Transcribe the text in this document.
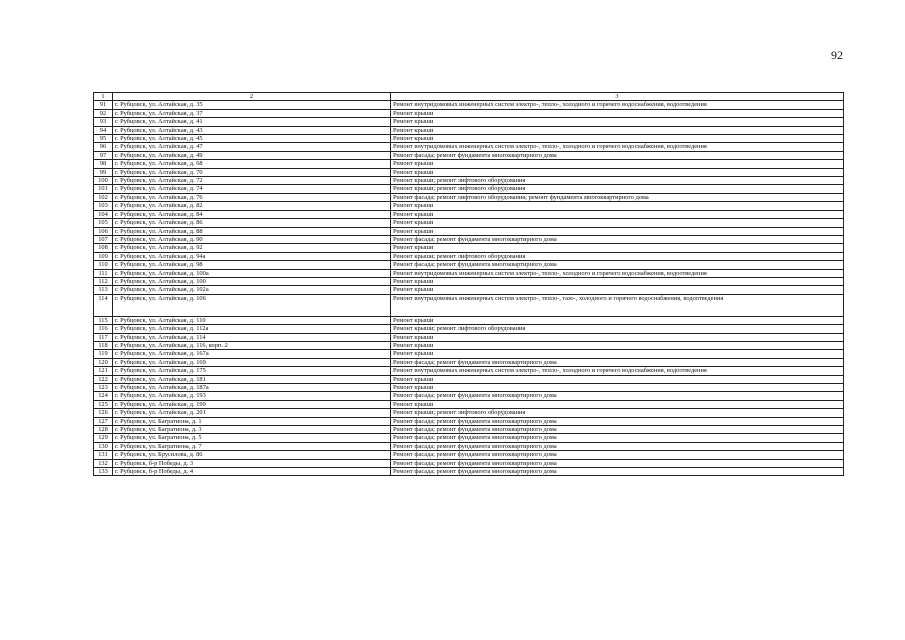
92
1	2	3
91	г. Рубцовск, ул. Алтайская, д. 35	Ремонт внутридомовых инженерных систем электро-, тепло-, холодного и горячего водоснабжения, водоотведения
92	г. Рубцовск, ул. Алтайская, д. 37	Ремонт крыши
93	г. Рубцовск, ул. Алтайская, д. 41	Ремонт крыши
94	г. Рубцовск, ул. Алтайская, д. 43	Ремонт крыши
95	г. Рубцовск, ул. Алтайская, д. 45	Ремонт крыши
96	г. Рубцовск, ул. Алтайская, д. 47	Ремонт внутридомовых инженерных систем электро-, тепло-, холодного и горячего водоснабжения, водоотведения
97	г. Рубцовск, ул. Алтайская, д. 49	Ремонт фасада; ремонт фундамента многоквартирного дома
98	г. Рубцовск, ул. Алтайская, д. 68	Ремонт крыши
99	г. Рубцовск, ул. Алтайская, д. 70	Ремонт крыши
100	г. Рубцовск, ул. Алтайская, д. 72	Ремонт крыши; ремонт лифтового оборудования
101	г. Рубцовск, ул. Алтайская, д. 74	Ремонт крыши; ремонт лифтового оборудования
102	г. Рубцовск, ул. Алтайская, д. 76	Ремонт фасада; ремонт лифтового оборудования; ремонт фундамента многоквартирного дома
103	г. Рубцовск, ул. Алтайская, д. 82	Ремонт крыши
104	г. Рубцовск, ул. Алтайская, д. 84	Ремонт крыши
105	г. Рубцовск, ул. Алтайская, д. 86	Ремонт крыши
106	г. Рубцовск, ул. Алтайская, д. 88	Ремонт крыши
107	г. Рубцовск, ул. Алтайская, д. 90	Ремонт фасада; ремонт фундамента многоквартирного дома
108	г. Рубцовск, ул. Алтайская, д. 92	Ремонт крыши
109	г. Рубцовск, ул. Алтайская, д. 94а	Ремонт крыши; ремонт лифтового оборудования
110	г. Рубцовск, ул. Алтайская, д. 98	Ремонт фасада; ремонт фундамента многоквартирного дома
111	г. Рубцовск, ул. Алтайская, д. 100а	Ремонт внутридомовых инженерных систем электро-, тепло-, холодного и горячего водоснабжения, водоотведения
112	г. Рубцовск, ул. Алтайская, д. 100	Ремонт крыши
113	г. Рубцовск, ул. Алтайская, д. 102а	Ремонт крыши
114	г. Рубцовск, ул. Алтайская, д. 106	Ремонт внутридомовых инженерных систем электро-, тепло-, газо-, холодного и горячего водоснабжения, водоотведения
115	г. Рубцовск, ул. Алтайская, д. 110	Ремонт крыши
116	г. Рубцовск, ул. Алтайская, д. 112а	Ремонт крыши; ремонт лифтового оборудования
117	г. Рубцовск, ул. Алтайская, д. 114	Ремонт крыши
118	г. Рубцовск, ул. Алтайская, д. 116, корп. 2	Ремонт крыши
119	г. Рубцовск, ул. Алтайская, д. 167а	Ремонт крыши
120	г. Рубцовск, ул. Алтайская, д. 169	Ремонт фасада; ремонт фундамента многоквартирного дома
121	г. Рубцовск, ул. Алтайская, д. 175	Ремонт внутридомовых инженерных систем электро-, тепло-, холодного и горячего водоснабжения, водоотведения
122	г. Рубцовск, ул. Алтайская, д. 181	Ремонт крыши
123	г. Рубцовск, ул. Алтайская, д. 187а	Ремонт крыши
124	г. Рубцовск, ул. Алтайская, д. 193	Ремонт фасада; ремонт фундамента многоквартирного дома
125	г. Рубцовск, ул. Алтайская, д. 199	Ремонт крыши
126	г. Рубцовск, ул. Алтайская, д. 201	Ремонт крыши; ремонт лифтового оборудования
127	г. Рубцовск, ул. Багратиона, д. 1	Ремонт фасада; ремонт фундамента многоквартирного дома
128	г. Рубцовск, ул. Багратиона, д. 3	Ремонт фасада; ремонт фундамента многоквартирного дома
129	г. Рубцовск, ул. Багратиона, д. 5	Ремонт фасада; ремонт фундамента многоквартирного дома
130	г. Рубцовск, ул. Багратиона, д. 7	Ремонт фасада; ремонт фундамента многоквартирного дома
131	г. Рубцовск, ул. Брусилова, д. 86	Ремонт фасада; ремонт фундамента многоквартирного дома
132	г. Рубцовск, б-р Победы, д. 3	Ремонт фасада; ремонт фундамента многоквартирного дома
133	г. Рубцовск, б-р Победы, д. 4	Ремонт фасада; ремонт фундамента многоквартирного дома
